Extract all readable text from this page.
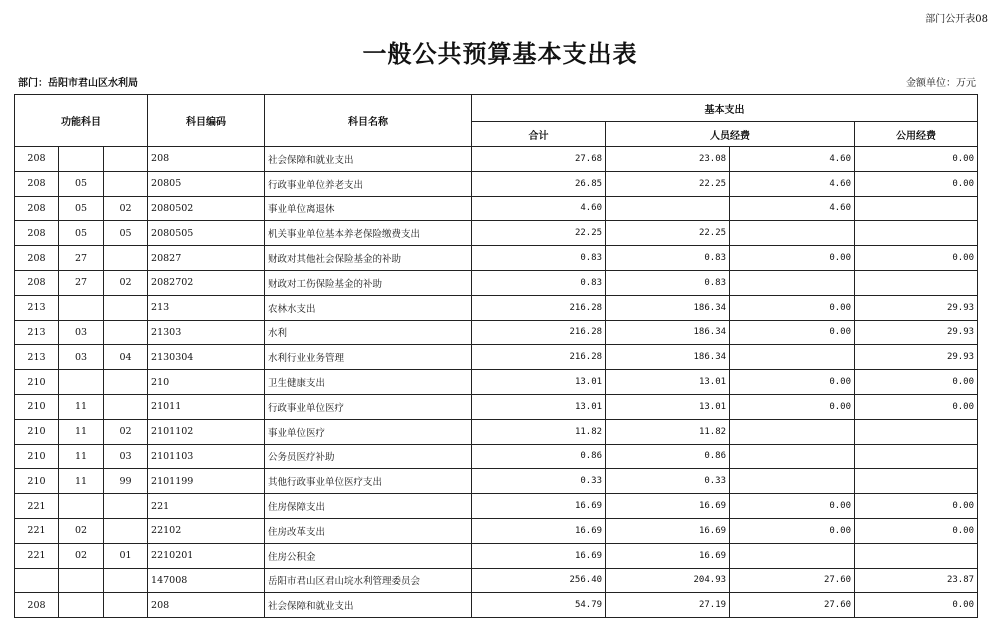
部门公开表08
一般公共预算基本支出表
部门：岳阳市君山区水利局	金额单位：万元
功能科目			科目编码	科目名称	基本支出			
					合计	人员经费		公用经费
208			208	社会保障和就业支出	27.68	23.08	4.60	0.00
208	05		20805	行政事业单位养老支出	26.85	22.25	4.60	0.00
208	05	02	2080502	事业单位离退休	4.60		4.60	
208	05	05	2080505	机关事业单位基本养老保险缴费支出	22.25	22.25		
208	27		20827	财政对其他社会保险基金的补助	0.83	0.83	0.00	0.00
208	27	02	2082702	财政对工伤保险基金的补助	0.83	0.83		
213			213	农林水支出	216.28	186.34	0.00	29.93
213	03		21303	水利	216.28	186.34	0.00	29.93
213	03	04	2130304	水利行业业务管理	216.28	186.34		29.93
210			210	卫生健康支出	13.01	13.01	0.00	0.00
210	11		21011	行政事业单位医疗	13.01	13.01	0.00	0.00
210	11	02	2101102	事业单位医疗	11.82	11.82		
210	11	03	2101103	公务员医疗补助	0.86	0.86		
210	11	99	2101199	其他行政事业单位医疗支出	0.33	0.33		
221			221	住房保障支出	16.69	16.69	0.00	0.00
221	02		22102	住房改革支出	16.69	16.69	0.00	0.00
221	02	01	2210201	住房公积金	16.69	16.69		
			147008	岳阳市君山区君山垸水利管理委员会	256.40	204.93	27.60	23.87
208			208	社会保障和就业支出	54.79	27.19	27.60	0.00
